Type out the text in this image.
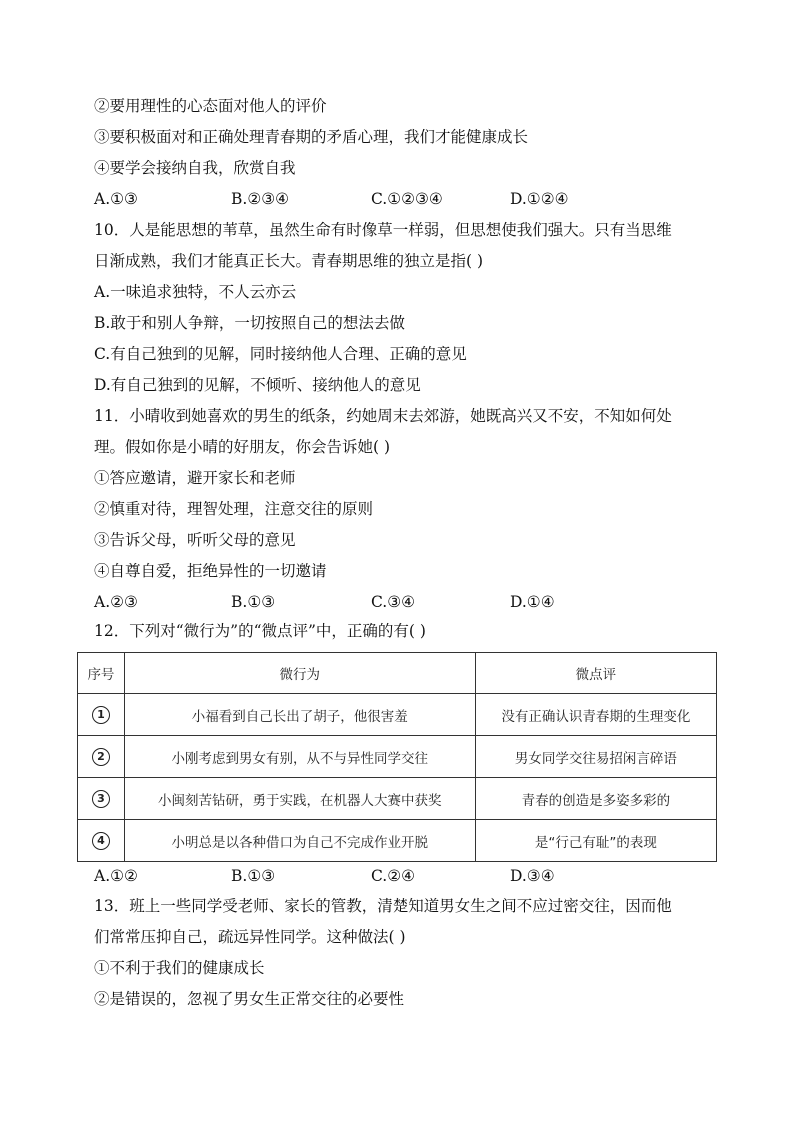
②要用理性的心态面对他人的评价
③要积极面对和正确处理青春期的矛盾心理，我们才能健康成长
④要学会接纳自我，欣赏自我
A.①③	B.②③④	C.①②③④	D.①②④
10．人是能思想的苇草，虽然生命有时像草一样弱，但思想使我们强大。只有当思维
日渐成熟，我们才能真正长大。青春期思维的独立是指( )
A.一味追求独特，不人云亦云
B.敢于和别人争辩，一切按照自己的想法去做
C.有自己独到的见解，同时接纳他人合理、正确的意见
D.有自己独到的见解，不倾听、接纳他人的意见
11．小晴收到她喜欢的男生的纸条，约她周末去郊游，她既高兴又不安，不知如何处
理。假如你是小晴的好朋友，你会告诉她( )
①答应邀请，避开家长和老师
②慎重对待，理智处理，注意交往的原则
③告诉父母，听听父母的意见
④自尊自爱，拒绝异性的一切邀请
A.②③	B.①③	C.③④	D.①④
12．下列对“微行为”的“微点评”中，正确的有( )
序号	微行为	微点评
1	小福看到自己长出了胡子，他很害羞	没有正确认识青春期的生理变化
2	小刚考虑到男女有别，从不与异性同学交往	男女同学交往易招闲言碎语
3	小闽刻苦钻研，勇于实践，在机器人大赛中获奖	青春的创造是多姿多彩的
4	小明总是以各种借口为自己不完成作业开脱	是“行己有耻”的表现
A.①②	B.①③	C.②④	D.③④
13．班上一些同学受老师、家长的管教，清楚知道男女生之间不应过密交往，因而他
们常常压抑自己，疏远异性同学。这种做法( )
①不利于我们的健康成长
②是错误的，忽视了男女生正常交往的必要性
